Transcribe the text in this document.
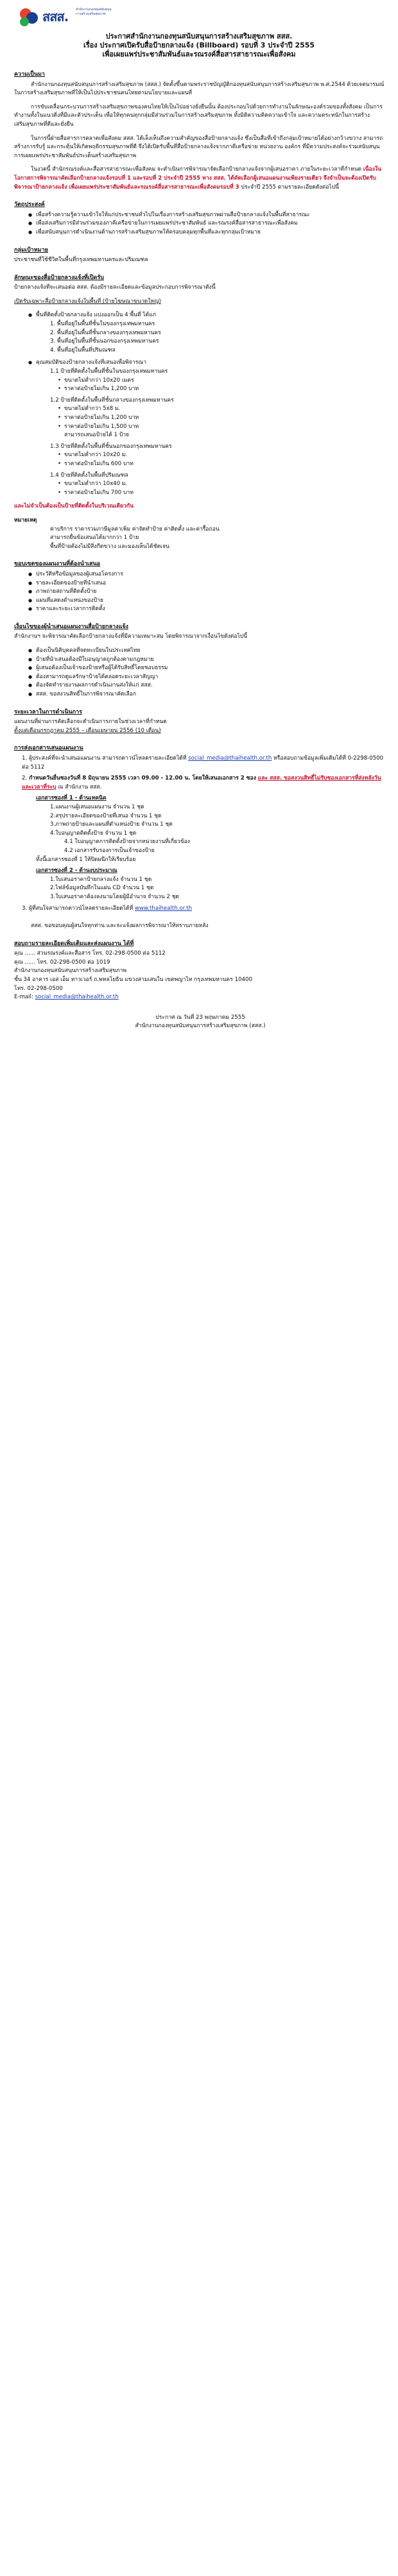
สสส. สำนักงานกองทุนสนับสนุน การสร้างเสริมสุขภาพ
ประกาศสำนักงานกองทุนสนับสนุนการสร้างเสริมสุขภาพ สสส.
เรื่อง ประกาศเปิดรับสื่อป้ายกลางแจ้ง (Billboard) รอบที่ 3 ประจำปี 2555
เพื่อเผยแพร่ประชาสัมพันธ์และรณรงค์สื่อสารสาธารณะเพื่อสังคม
ความเป็นมา

สำนักงานกองทุนสนับสนุนการสร้างเสริมสุขภาพ (สสส.) จัดตั้งขึ้นตามพระราชบัญญัติกองทุนสนับสนุนการสร้างเสริมสุขภาพ พ.ศ.2544 ด้วยเจตนารมณ์ในการสร้างเสริมสุขภาพที่ให้เป็นไปประชาชนคนไทยตามนโยบายและแผนที่

การขับเคลื่อนกระบวนการสร้างเสริมสุขภาพของคนไทยให้เป็นไปอย่างยั่งยืนนั้น ต้องประกอบไปด้วยการทำงานในลักษณะองค์รวมของทั้งสังคม เป็นการทำงานทั้งในแนวดิ่งที่มีและตัวประเด็น เพื่อให้ทุกคนทุกกลุ่มมีส่วนร่วมในการสร้างเสริมสุขภาพ ทั้งมิติความคิดความเข้าใจ และความตระหนักในการสร้างเสริมสุขภาพที่ดีและยั่งยืน

ในการนี้ฝ่ายสื่อสารการตลาดเพื่อสังคม สสส. ได้เล็งเห็นถึงความสำคัญของสื่อป้ายกลางแจ้ง ซึ่งเป็นสื่อที่เข้าถึงกลุ่มเป้าหมายได้อย่างกว้างขวาง สามารถสร้างการรับรู้ และกระตุ้นให้เกิดพฤติกรรมสุขภาพที่ดี จึงได้เปิดรับพื้นที่สื่อป้ายกลางแจ้งจากภาคีเครือข่าย หน่วยงาน องค์กร ที่มีความประสงค์จะร่วมสนับสนุนการเผยแพร่ประชาสัมพันธ์ประเด็นสร้างเสริมสุขภาพ

ในงวดนี้ สำนักรณรงค์และสื่อสารสาธารณะเพื่อสังคม จะดำเนินการพิจารณาจัดเลือกป้ายกลางแจ้งจากผู้เสนอราคา ภายในระยะเวลาที่กำหนด เนื่องในโอกาสการพิจารณาคัดเลือกป้ายกลางแจ้งรอบที่ 1 และรอบที่ 2 ประจำปี 2555 ทาง สสส. ได้คัดเลือกผู้เสนอแผนงานเพียงรายเดียว จึงจำเป็นจะต้องเปิดรับพิจารณาป้ายกลางแจ้ง เพื่อเผยแพร่ประชาสัมพันธ์และรณรงค์สื่อสารสาธารณะเพื่อสังคมรอบที่ 3 ประจำปี 2555 ตามรายละเอียดดังต่อไปนี้

วัตถุประสงค์
● เพื่อสร้างความรู้ความเข้าใจให้แก่ประชาชนทั่วไปในเรื่องการสร้างเสริมสุขภาพผ่านสื่อป้ายกลางแจ้งในพื้นที่สาธารณะ
● เพื่อส่งเสริมการมีส่วนร่วมของภาคีเครือข่ายในการเผยแพร่ประชาสัมพันธ์ และรณรงค์สื่อสารสาธารณะเพื่อสังคม
● เพื่อสนับสนุนการดำเนินงานด้านการสร้างเสริมสุขภาพให้ครอบคลุมทุกพื้นที่และทุกกลุ่มเป้าหมาย
กลุ่มเป้าหมาย

ประชาชนที่ใช้ชีวิตในพื้นที่กรุงเทพมหานครและปริมณฑล

ลักษณะของสื่อป้ายกลางแจ้งที่เปิดรับ

ป้ายกลางแจ้งที่จะเสนอต่อ สสส. ต้องมีรายละเอียดและข้อมูลประกอบการพิจารณาดังนี้

เปิดรับเฉพาะสื่อป้ายกลางแจ้งในพื้นที่ (ป้ายโฆษณาขนาดใหญ่)

● พื้นที่ติดตั้งป้ายกลางแจ้ง แบ่งออกเป็น 4 พื้นที่ ได้แก่
1. พื้นที่อยู่ในพื้นที่ชั้นในของกรุงเทพมหานคร
2. พื้นที่อยู่ในพื้นที่ชั้นกลางของกรุงเทพมหานคร
3. พื้นที่อยู่ในพื้นที่ชั้นนอกของกรุงเทพมหานคร
4. พื้นที่อยู่ในพื้นที่ปริมณฑล
● คุณสมบัติของป้ายกลางแจ้งที่เสนอเพื่อพิจารณา
1.1 ป้ายที่ติดตั้งในพื้นที่ชั้นในของกรุงเทพมหานคร
• ขนาดไม่ต่ำกว่า 10x20 เมตร
• ราคาต่อป้ายไม่เกิน 1,200 บาท
1.2 ป้ายที่ติดตั้งในพื้นที่ชั้นกลางของกรุงเทพมหานคร
• ขนาดไม่ต่ำกว่า 5x8 ม.
• ราคาต่อป้ายไม่เกิน 1,200 บาท
• ราคาต่อป้ายไม่เกิน 1,500 บาท
สามารถเสนอป้ายได้ 1 ป้าย
1.3 ป้ายที่ติดตั้งในพื้นที่ชั้นนอกของกรุงเทพมหานคร
• ขนาดไม่ต่ำกว่า 10x20 ม.
• ราคาต่อป้ายไม่เกิน 600 บาท
1.4 ป้ายที่ติดตั้งในพื้นที่ปริมณฑล
• ขนาดไม่ต่ำกว่า 10x40 ม.
• ราคาต่อป้ายไม่เกิน 700 บาท

และไม่จำเป็นต้องเป็นป้ายที่ติดตั้งในบริเวณเดียวกัน

หมายเหตุ
ค่าบริการ ราคารวมภาษีมูลค่าเพิ่ม ค่าจัดทำป้าย ค่าติดตั้ง และค่ารื้อถอน
สามารถยื่นข้อเสนอได้มากกว่า 1 ป้าย
พื้นที่ป้ายต้องไม่มีสิ่งกีดขวาง และมองเห็นได้ชัดเจน
ขอบเขตของแผนงานที่ต้องนำเสนอ
● ประวัติหรือข้อมูลของผู้เสนอโครงการ
● รายละเอียดของป้ายที่นำเสนอ
● ภาพถ่ายสถานที่ติดตั้งป้าย
● แผนที่แสดงตำแหน่งของป้าย
● ราคาและระยะเวลาการติดตั้ง
เงื่อนไขของผู้นำเสนอแผนงานสื่อป้ายกลางแจ้ง

สำนักงานฯ จะพิจารณาคัดเลือกป้ายกลางแจ้งที่มีความเหมาะสม โดยพิจารณาจากเงื่อนไขดังต่อไปนี้

● ต้องเป็นนิติบุคคลที่จดทะเบียนในประเทศไทย
● ป้ายที่นำเสนอต้องมีใบอนุญาตถูกต้องตามกฎหมาย
● ผู้เสนอต้องเป็นเจ้าของป้ายหรือผู้ได้รับสิทธิ์โดยชอบธรรม
● ต้องสามารถดูแลรักษาป้ายได้ตลอดระยะเวลาสัญญา
● ต้องจัดทำรายงานผลการดำเนินงานส่งให้แก่ สสส.
● สสส. ขอสงวนสิทธิ์ในการพิจารณาคัดเลือก
ระยะเวลาในการดำเนินการ
แผนงานที่ผ่านการคัดเลือกจะดำเนินการภายในช่วงเวลาที่กำหนด
ตั้งแต่เดือนกรกฎาคม 2555 – เดือนเมษายน 2556 (10 เดือน)
การส่งเอกสารเสนอแผนงาน
1. ผู้ประสงค์ที่จะนำเสนอแผนงาน สามารถดาวน์โหลดรายละเอียดได้ที่ social_media@thaihealth.or.th หรือสอบถามข้อมูลเพิ่มเติมได้ที่ 0-2298-0500 ต่อ 5112
2. กำหนดวันยื่นซองวันที่ 8 มิถุนายน 2555 เวลา 09.00 - 12.00 น. โดยให้เสนอเอกสาร 2 ซอง และ สสส. ขอสงวนสิทธิ์ไม่รับซองเอกสารที่ส่งหลังวันและเวลาที่ระบุ ณ สำนักงาน สสส.
เอกสารซองที่ 1 - ด้านเทคนิค
1.แผนงานผู้เสนอแผนงาน จำนวน 1 ชุด
2.สรุปรายละเอียดของป้ายที่เสนอ จำนวน 1 ชุด
3.ภาพถ่ายป้ายและแผนที่ตำแหน่งป้าย จำนวน 1 ชุด
4.ใบอนุญาตติดตั้งป้าย จำนวน 1 ชุด
4.1 ใบอนุญาตการติดตั้งป้ายจากหน่วยงานที่เกี่ยวข้อง
4.2 เอกสารรับรองการเป็นเจ้าของป้าย
ทั้งนี้เอกสารซองที่ 1 ให้ปิดผนึกให้เรียบร้อย
เอกสารซองที่ 2 - ด้านงบประมาณ
1.ใบเสนอราคาป้ายกลางแจ้ง จำนวน 1 ชุด
2.ไฟล์ข้อมูลบันทึกในแผ่น CD จำนวน 1 ชุด
3.ใบเสนอราคาต้องลงนามโดยผู้มีอำนาจ จำนวน 2 ชุด
3. ผู้ที่สนใจสามารถดาวน์โหลดรายละเอียดได้ที่ www.thaihealth.or.th

สสส. ขอขอบคุณผู้สนใจทุกท่าน และจะแจ้งผลการพิจารณาให้ทราบภายหลัง

สอบถามรายละเอียดเพิ่มเติมและส่งแผนงาน ได้ที่
คุณ ...... ส่วนรณรงค์และสื่อสาร โทร. 02-298-0500 ต่อ 5112
คุณ ...... โทร. 02-298-0500 ต่อ 1019
สำนักงานกองทุนสนับสนุนการสร้างเสริมสุขภาพ
ชั้น 34 อาคาร เอส เอ็ม ทาวเวอร์ ถ.พหลโยธิน แขวงสามเสนใน เขตพญาไท กรุงเทพมหานคร 10400
โทร. 02-298-0500
E-mail: social_media@thaihealth.or.th
ประกาศ ณ วันที่ 23 พฤษภาคม 2555
สำนักงานกองทุนสนับสนุนการสร้างเสริมสุขภาพ (สสส.)
